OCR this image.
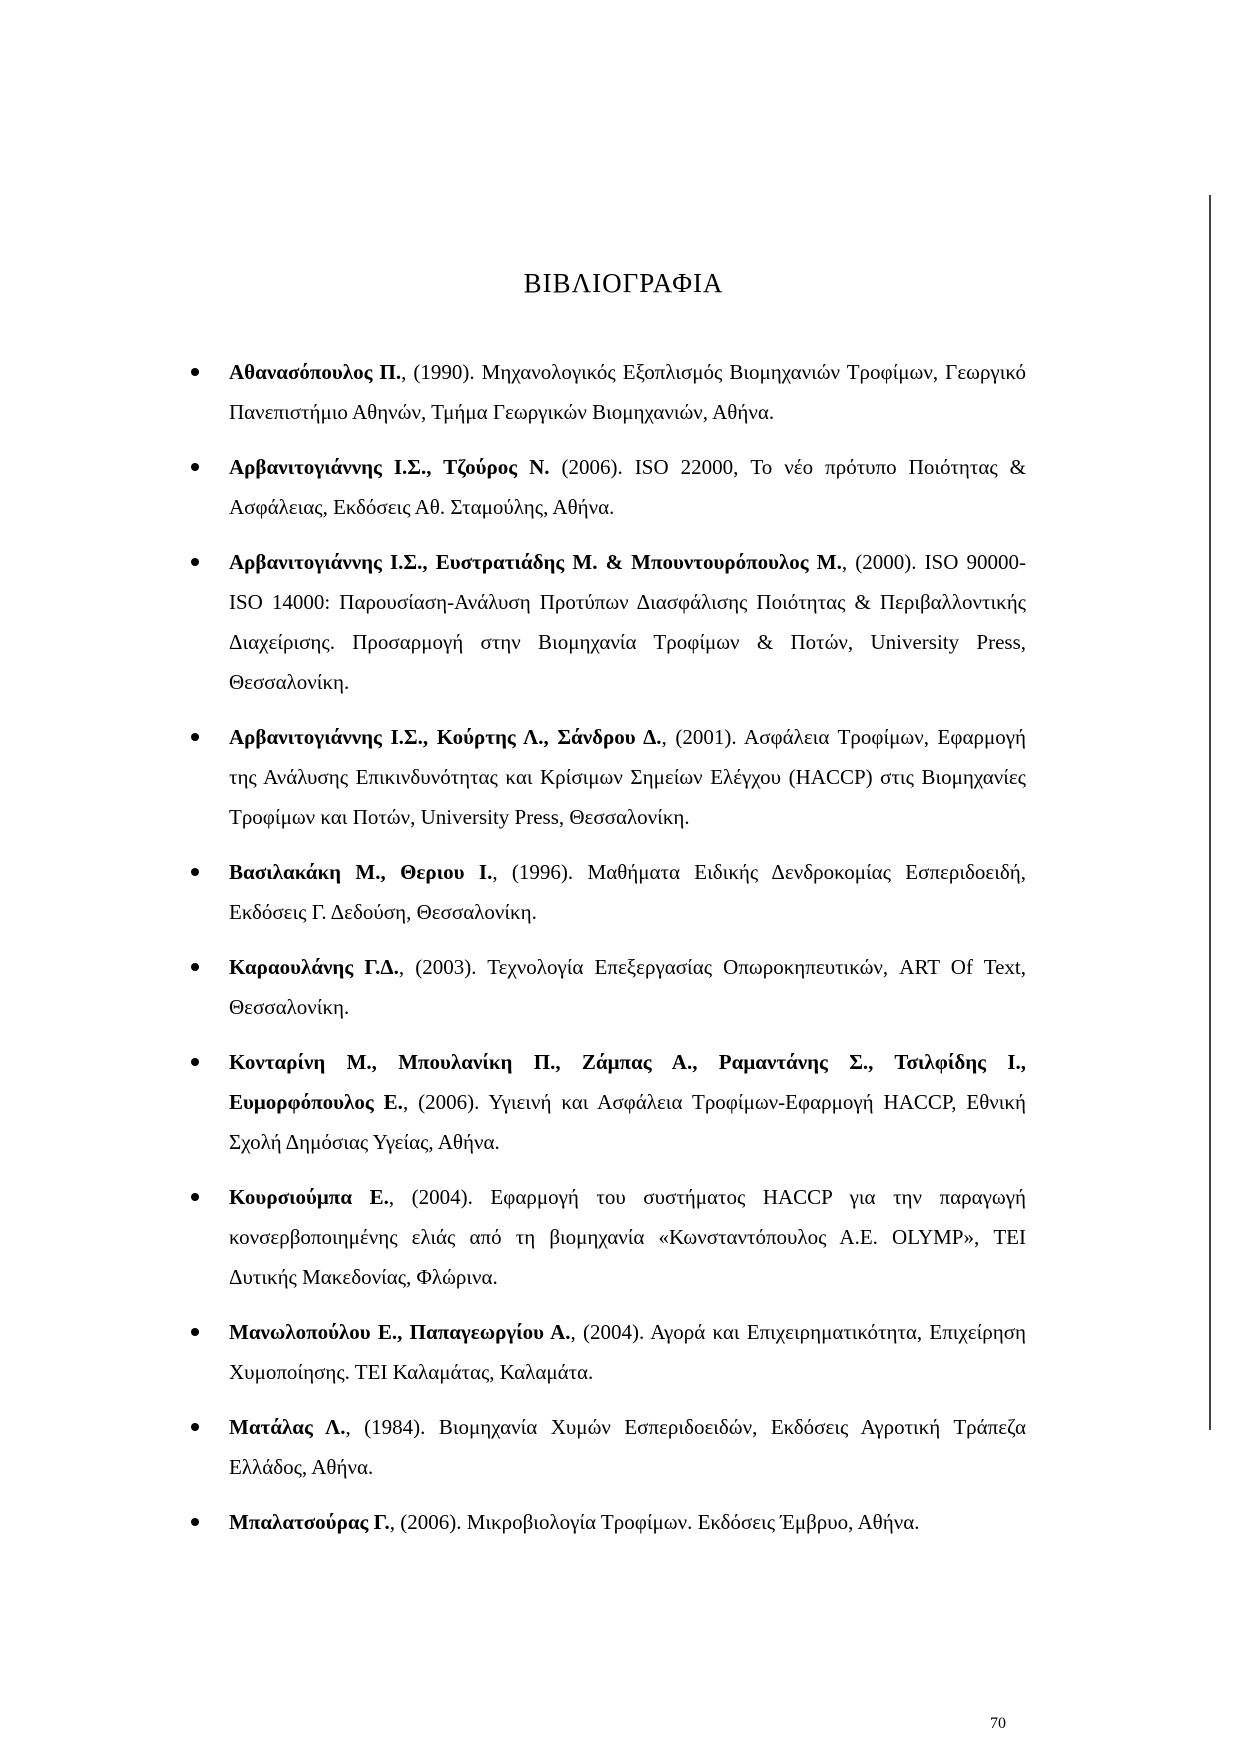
ΒΙΒΛΙΟΓΡΑΦΙΑ
Αθανασόπουλος Π., (1990). Μηχανολογικός Εξοπλισμός Βιομηχανιών Τροφίμων, Γεωργικό Πανεπιστήμιο Αθηνών, Τμήμα Γεωργικών Βιομηχανιών, Αθήνα.
Αρβανιτογιάννης Ι.Σ., Τζούρος Ν. (2006). ISO 22000, Το νέο πρότυπο Ποιότητας & Ασφάλειας, Εκδόσεις Αθ. Σταμούλης, Αθήνα.
Αρβανιτογιάννης Ι.Σ., Ευστρατιάδης Μ. & Μπουντουρόπουλος Μ., (2000). ISO 90000-ISO 14000: Παρουσίαση-Ανάλυση Προτύπων Διασφάλισης Ποιότητας & Περιβαλλοντικής Διαχείρισης. Προσαρμογή στην Βιομηχανία Τροφίμων & Ποτών, University Press, Θεσσαλονίκη.
Αρβανιτογιάννης Ι.Σ., Κούρτης Λ., Σάνδρου Δ., (2001). Ασφάλεια Τροφίμων, Εφαρμογή της Ανάλυσης Επικινδυνότητας και Κρίσιμων Σημείων Ελέγχου (HACCP) στις Βιομηχανίες Τροφίμων και Ποτών, University Press, Θεσσαλονίκη.
Βασιλακάκη Μ., Θεριου Ι., (1996). Μαθήματα Ειδικής Δενδροκομίας Εσπεριδοειδή, Εκδόσεις Γ. Δεδούση, Θεσσαλονίκη.
Καραουλάνης Γ.Δ., (2003). Τεχνολογία Επεξεργασίας Οπωροκηπευτικών, ART Of Text, Θεσσαλονίκη.
Κονταρίνη Μ., Μπουλανίκη Π., Ζάμπας Α., Ραμαντάνης Σ., Τσιλφίδης Ι., Ευμορφόπουλος Ε., (2006). Υγιεινή και Ασφάλεια Τροφίμων-Εφαρμογή HACCP, Εθνική Σχολή Δημόσιας Υγείας, Αθήνα.
Κουρσιούμπα Ε., (2004). Εφαρμογή του συστήματος HACCP για την παραγωγή κονσερβοποιημένης ελιάς από τη βιομηχανία «Κωνσταντόπουλος Α.Ε. OLYMP», ΤΕΙ Δυτικής Μακεδονίας, Φλώρινα.
Μανωλοπούλου Ε., Παπαγεωργίου Α., (2004). Αγορά και Επιχειρηματικότητα, Επιχείρηση Χυμοποίησης. ΤΕΙ Καλαμάτας, Καλαμάτα.
Ματάλας Λ., (1984). Βιομηχανία Χυμών Εσπεριδοειδών, Εκδόσεις Αγροτική Τράπεζα Ελλάδος, Αθήνα.
Μπαλατσούρας Γ., (2006). Μικροβιολογία Τροφίμων. Εκδόσεις Έμβρυο, Αθήνα.
70
